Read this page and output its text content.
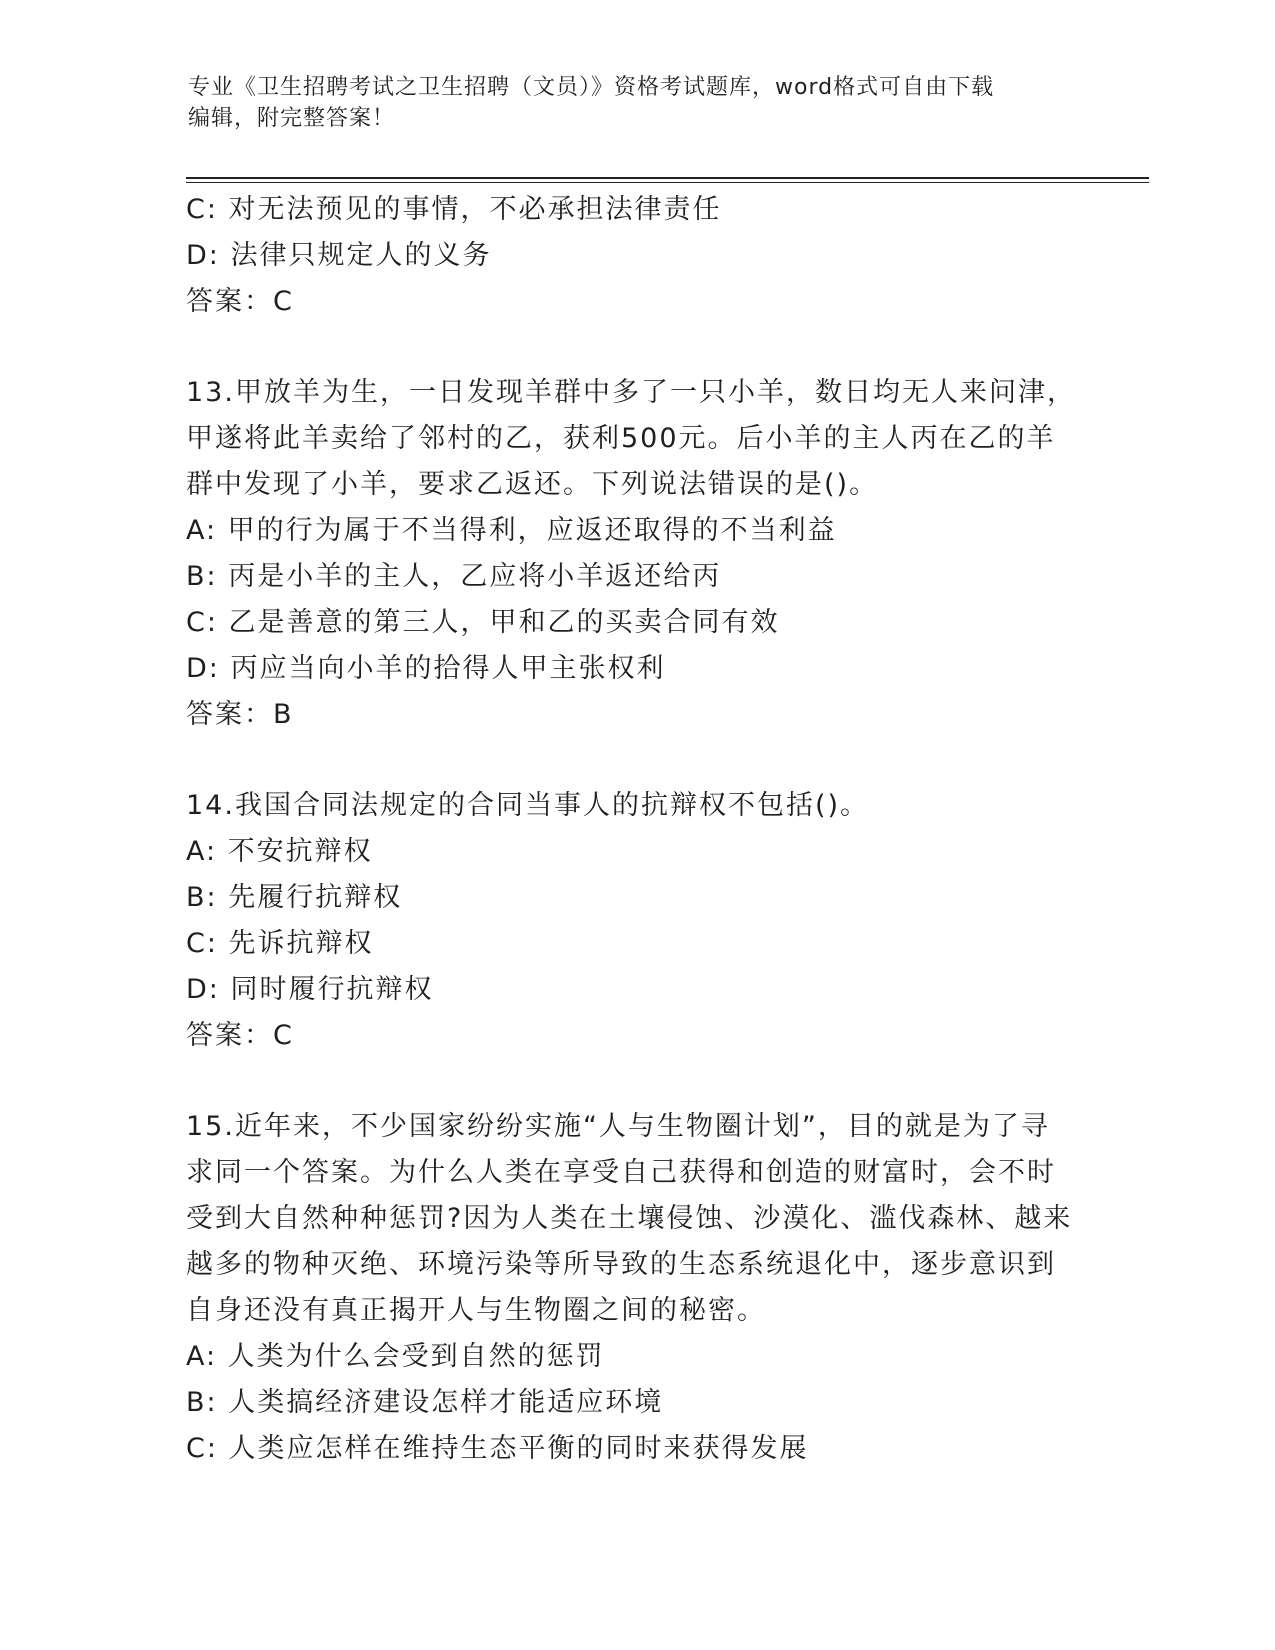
专业《卫生招聘考试之卫生招聘（文员）》资格考试题库，word格式可自由下载
编辑，附完整答案！
C: 对无法预见的事情，不必承担法律责任
D: 法律只规定人的义务
答案：C
13.甲放羊为生，一日发现羊群中多了一只小羊，数日均无人来问津，
甲遂将此羊卖给了邻村的乙，获利500元。后小羊的主人丙在乙的羊
群中发现了小羊，要求乙返还。下列说法错误的是()。
A: 甲的行为属于不当得利，应返还取得的不当利益
B: 丙是小羊的主人，乙应将小羊返还给丙
C: 乙是善意的第三人，甲和乙的买卖合同有效
D: 丙应当向小羊的拾得人甲主张权利
答案：B
14.我国合同法规定的合同当事人的抗辩权不包括()。
A: 不安抗辩权
B: 先履行抗辩权
C: 先诉抗辩权
D: 同时履行抗辩权
答案：C
15.近年来，不少国家纷纷实施“人与生物圈计划”，目的就是为了寻
求同一个答案。为什么人类在享受自己获得和创造的财富时，会不时
受到大自然种种惩罚?因为人类在土壤侵蚀、沙漠化、滥伐森林、越来
越多的物种灭绝、环境污染等所导致的生态系统退化中，逐步意识到
自身还没有真正揭开人与生物圈之间的秘密。
A: 人类为什么会受到自然的惩罚
B: 人类搞经济建设怎样才能适应环境
C: 人类应怎样在维持生态平衡的同时来获得发展
